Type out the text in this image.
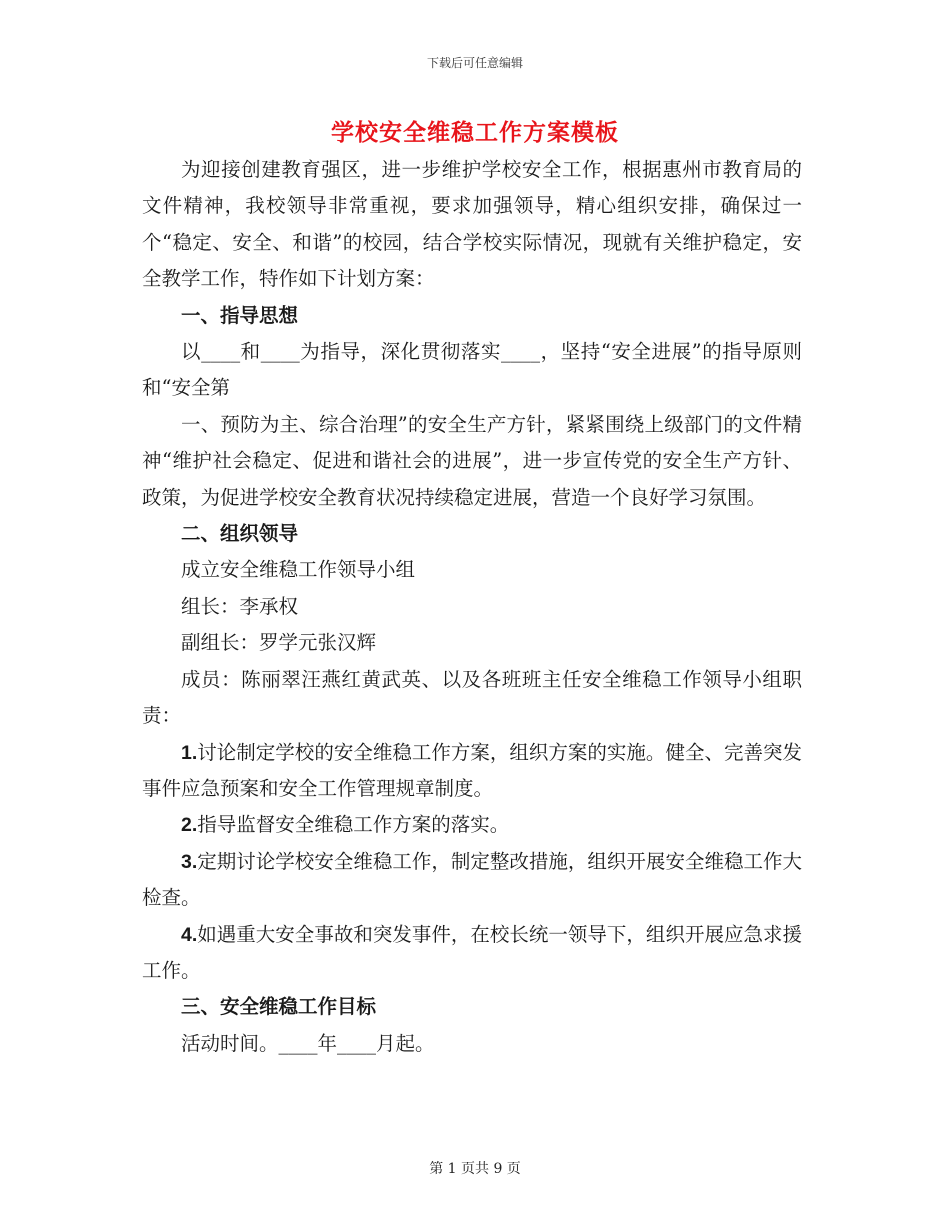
下载后可任意编辑
学校安全维稳工作方案模板

为迎接创建教育强区，进一步维护学校安全工作，根据惠州市教育局的文件精神，我校领导非常重视，要求加强领导，精心组织安排，确保过一个“稳定、安全、和谐”的校园，结合学校实际情况，现就有关维护稳定，安全教学工作，特作如下计划方案：

一、指导思想

以____和____为指导，深化贯彻落实____，坚持“安全进展”的指导原则和“安全第

一、预防为主、综合治理”的安全生产方针，紧紧围绕上级部门的文件精神“维护社会稳定、促进和谐社会的进展”，进一步宣传党的安全生产方针、政策，为促进学校安全教育状况持续稳定进展，营造一个良好学习氛围。

二、组织领导

成立安全维稳工作领导小组

组长：李承权

副组长：罗学元张汉辉

成员：陈丽翠汪燕红黄武英、以及各班班主任安全维稳工作领导小组职责：

1.讨论制定学校的安全维稳工作方案，组织方案的实施。健全、完善突发事件应急预案和安全工作管理规章制度。

2.指导监督安全维稳工作方案的落实。

3.定期讨论学校安全维稳工作，制定整改措施，组织开展安全维稳工作大检查。

4.如遇重大安全事故和突发事件，在校长统一领导下，组织开展应急求援工作。

三、安全维稳工作目标

活动时间。____年____月起。

第 1 页共 9 页
